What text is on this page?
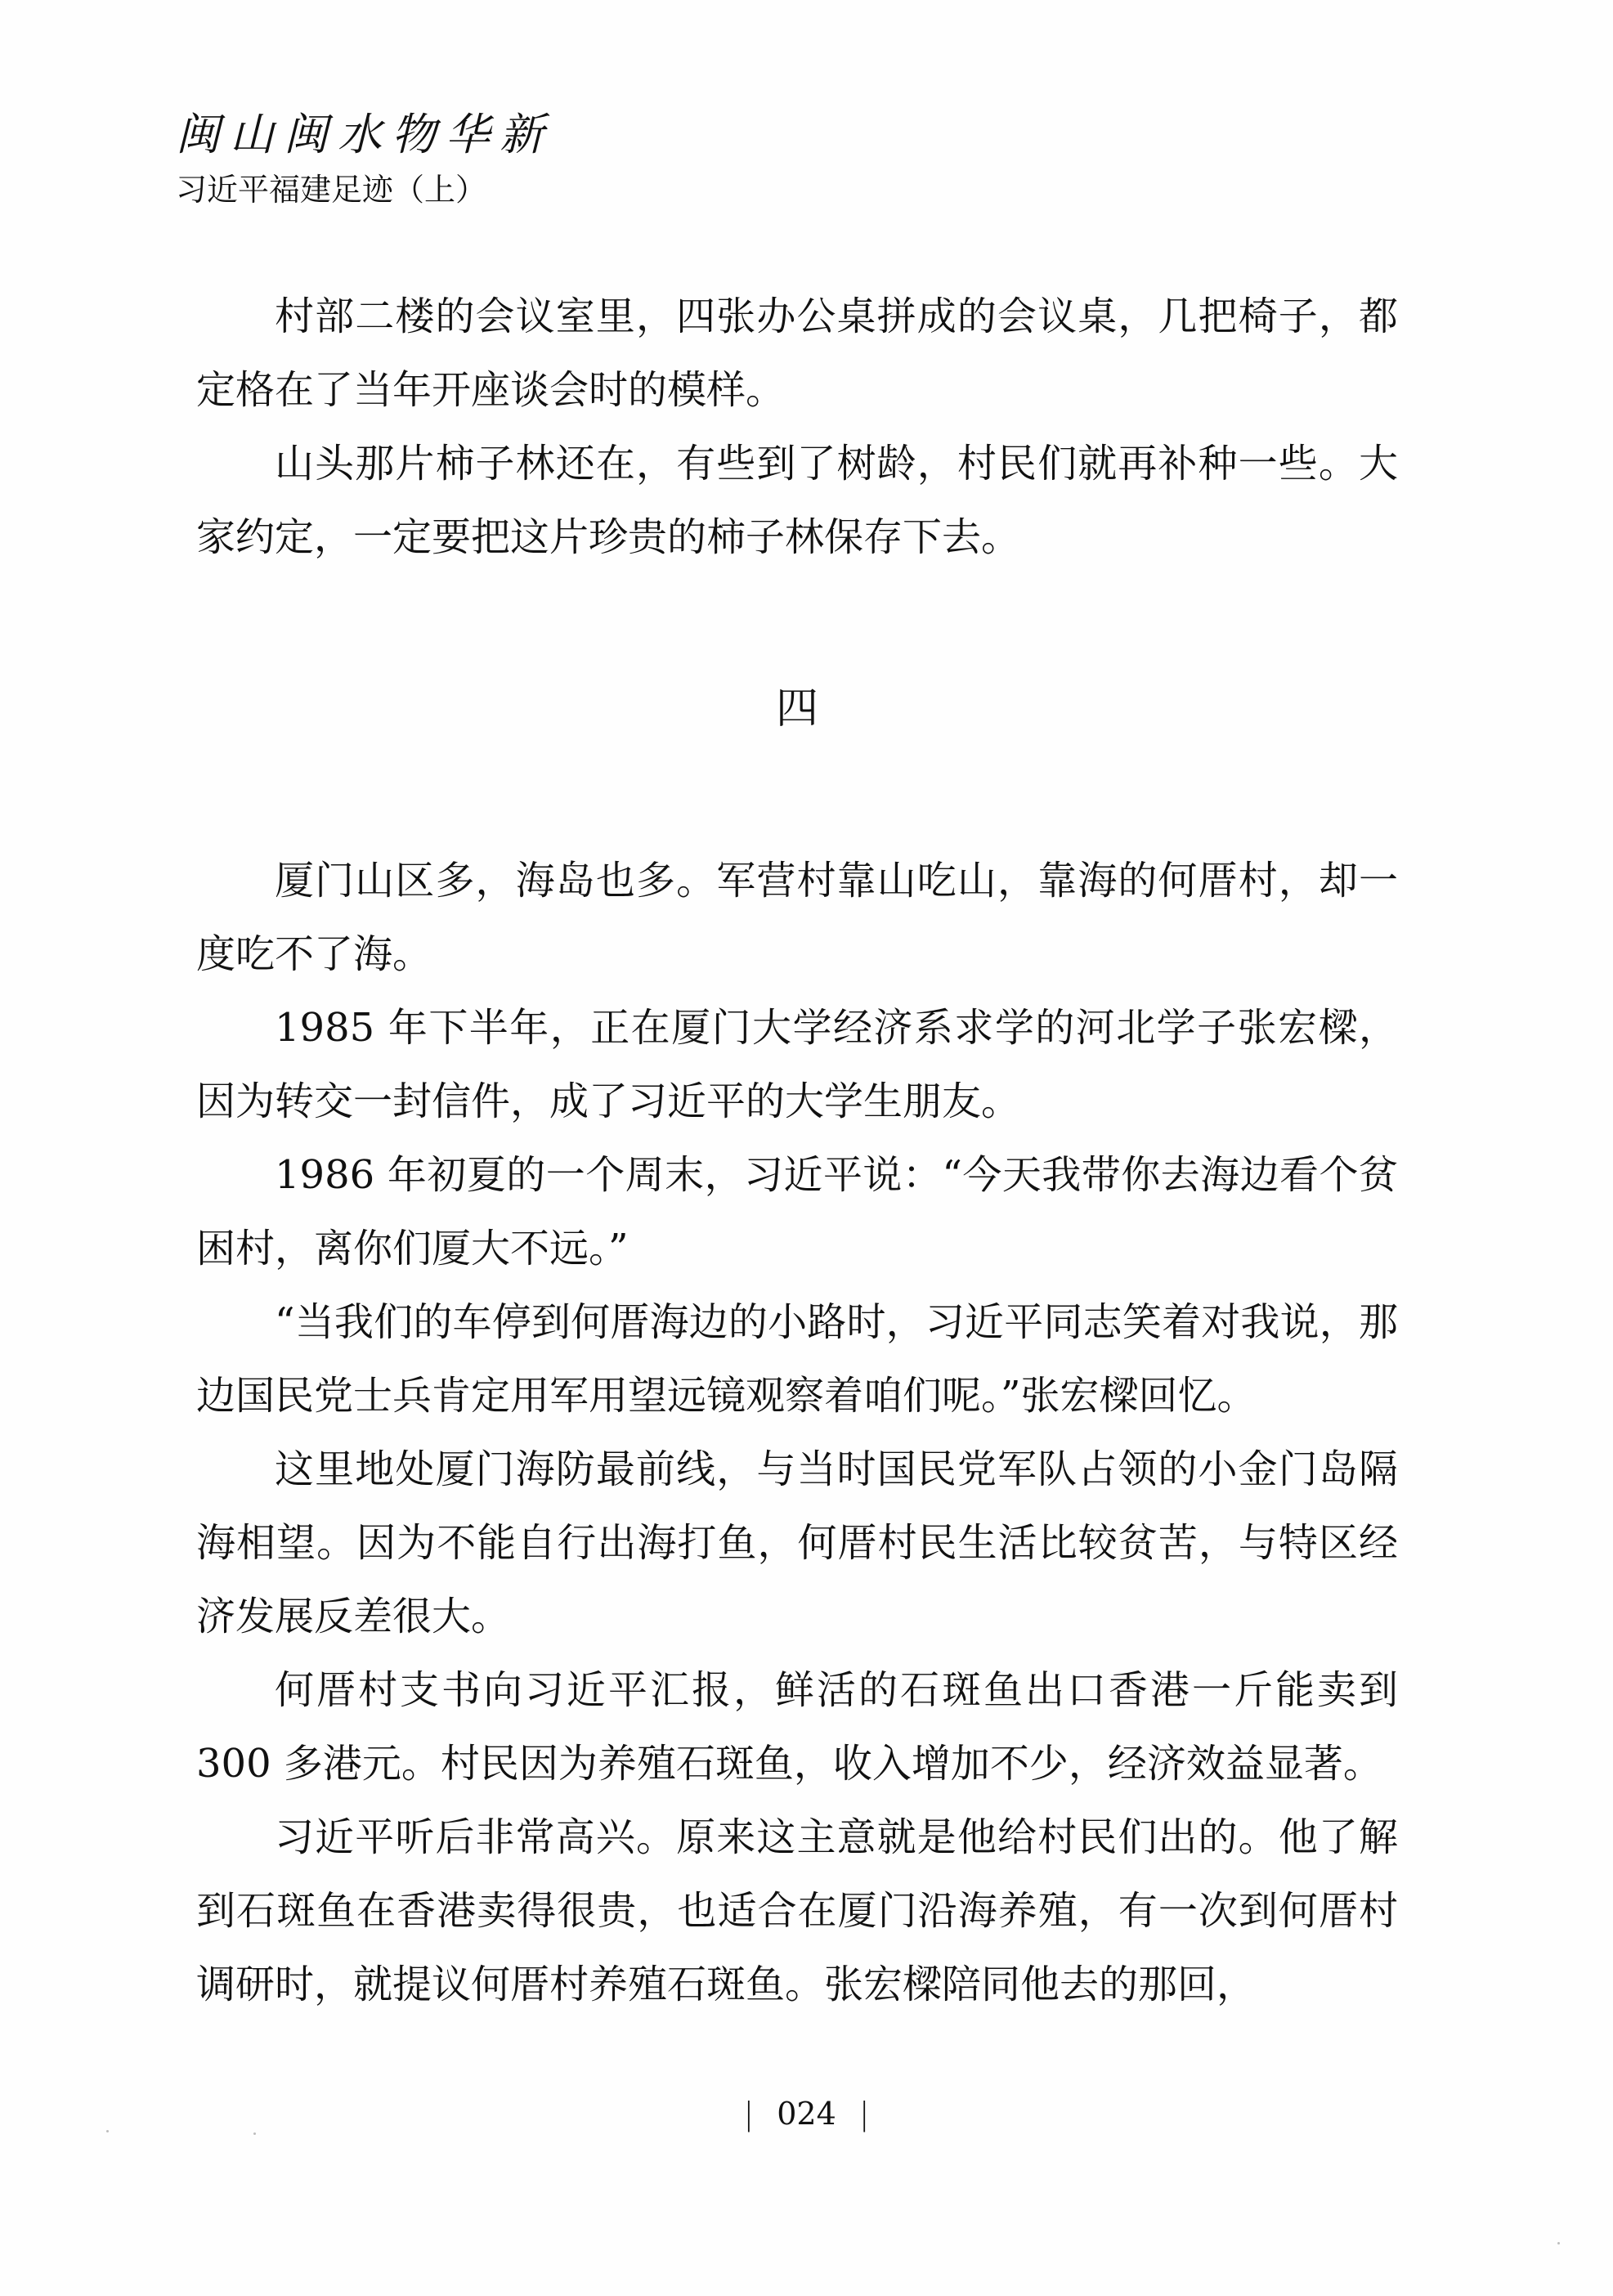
闽山闽水物华新
习近平福建足迹（上）

村部二楼的会议室里，四张办公桌拼成的会议桌，几把椅子，都定格在了当年开座谈会时的模样。

山头那片柿子林还在，有些到了树龄，村民们就再补种一些。大家约定，一定要把这片珍贵的柿子林保存下去。

四

厦门山区多，海岛也多。军营村靠山吃山，靠海的何厝村，却一度吃不了海。

1985 年下半年，正在厦门大学经济系求学的河北学子张宏樑，因为转交一封信件，成了习近平的大学生朋友。

1986 年初夏的一个周末，习近平说：“今天我带你去海边看个贫困村，离你们厦大不远。”

“当我们的车停到何厝海边的小路时，习近平同志笑着对我说，那边国民党士兵肯定用军用望远镜观察着咱们呢。”张宏樑回忆。

这里地处厦门海防最前线，与当时国民党军队占领的小金门岛隔海相望。因为不能自行出海打鱼，何厝村民生活比较贫苦，与特区经济发展反差很大。

何厝村支书向习近平汇报，鲜活的石斑鱼出口香港一斤能卖到 300 多港元。村民因为养殖石斑鱼，收入增加不少，经济效益显著。

习近平听后非常高兴。原来这主意就是他给村民们出的。他了解到石斑鱼在香港卖得很贵，也适合在厦门沿海养殖，有一次到何厝村调研时，就提议何厝村养殖石斑鱼。张宏樑陪同他去的那回，

| 024 |
